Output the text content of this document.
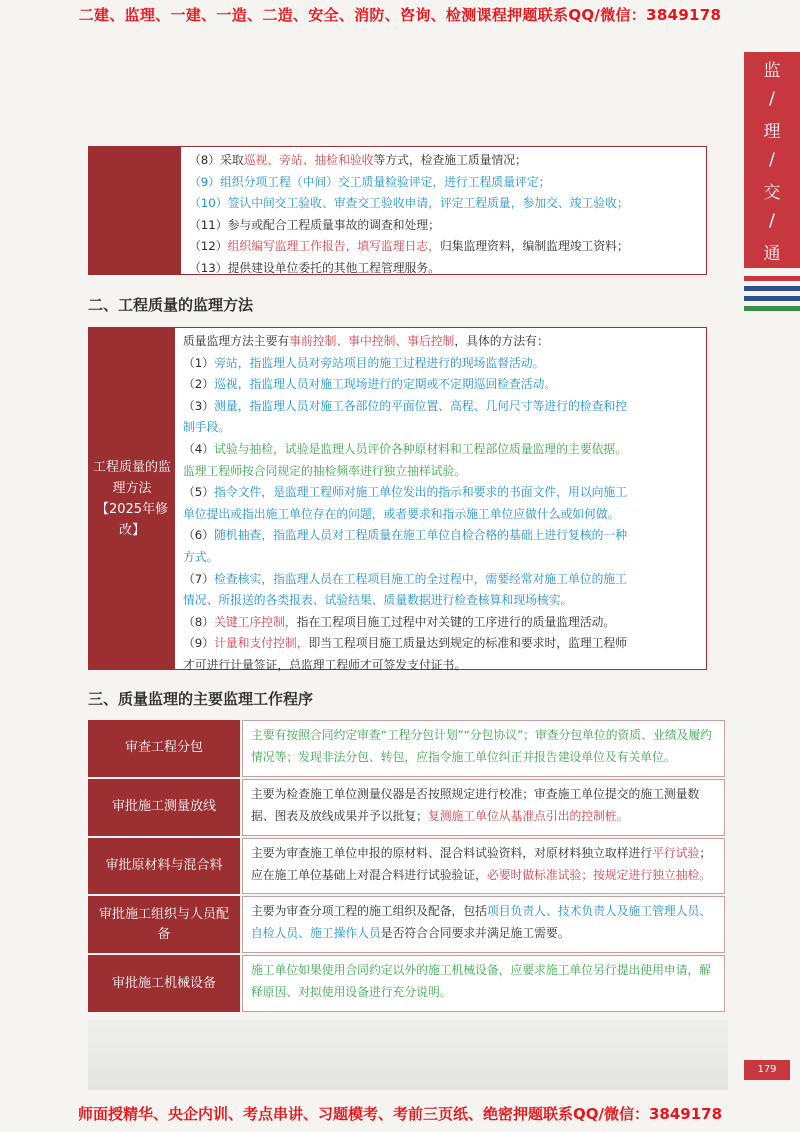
二建、监理、一建、一造、二造、安全、消防、咨询、检测课程押题联系QQ/微信：3849178
监
/
理
/
交
/
通
（8）采取巡视、旁站、抽检和验收等方式，检查施工质量情况；
（9）组织分项工程（中间）交工质量检验评定，进行工程质量评定；
（10）签认中间交工验收、审查交工验收申请，评定工程质量，参加交、竣工验收；
（11）参与或配合工程质量事故的调查和处理；
（12）组织编写监理工作报告，填写监理日志，归集监理资料，编制监理竣工资料；
（13）提供建设单位委托的其他工程管理服务。
二、工程质量的监理方法
工程质量的监理方法【2025年修改】
质量监理方法主要有事前控制、事中控制、事后控制，具体的方法有：
（1）旁站，指监理人员对旁站项目的施工过程进行的现场监督活动。
（2）巡视，指监理人员对施工现场进行的定期或不定期巡回检查活动。
（3）测量，指监理人员对施工各部位的平面位置、高程、几何尺寸等进行的检查和控
制手段。
（4）试验与抽检，试验是监理人员评价各种原材料和工程部位质量监理的主要依据。
监理工程师按合同规定的抽检频率进行独立抽样试验。
（5）指令文件，是监理工程师对施工单位发出的指示和要求的书面文件，用以向施工
单位提出或指出施工单位存在的问题，或者要求和指示施工单位应做什么或如何做。
（6）随机抽查，指监理人员对工程质量在施工单位自检合格的基础上进行复核的一种
方式。
（7）检查核实，指监理人员在工程项目施工的全过程中，需要经常对施工单位的施工
情况、所报送的各类报表、试验结果、质量数据进行检查核算和现场核实。
（8）关键工序控制，指在工程项目施工过程中对关键的工序进行的质量监理活动。
（9）计量和支付控制，即当工程项目施工质量达到规定的标准和要求时，监理工程师
才可进行计量签证，总监理工程师才可签发支付证书。
三、质量监理的主要监理工作程序
审查工程分包
主要有按照合同约定审查“工程分包计划”“分包协议”；审查分包单位的资质、业绩及履约情况等；发现非法分包、转包，应指令施工单位纠正并报告建设单位及有关单位。
审批施工测量放线
主要为检查施工单位测量仪器是否按照规定进行校准；审查施工单位提交的施工测量数据、图表及放线成果并予以批复；复测施工单位从基准点引出的控制桩。
审批原材料与混合料
主要为审查施工单位申报的原材料、混合料试验资料，对原材料独立取样进行平行试验；应在施工单位基础上对混合料进行试验验证，必要时做标准试验；按规定进行独立抽检。
审批施工组织与人员配备
主要为审查分项工程的施工组织及配备，包括项目负责人、技术负责人及施工管理人员、自检人员、施工操作人员是否符合合同要求并满足施工需要。
审批施工机械设备
施工单位如果使用合同约定以外的施工机械设备，应要求施工单位另行提出使用申请，解释原因、对拟使用设备进行充分说明。
179
师面授精华、央企内训、考点串讲、习题模考、考前三页纸、绝密押题联系QQ/微信：3849178
